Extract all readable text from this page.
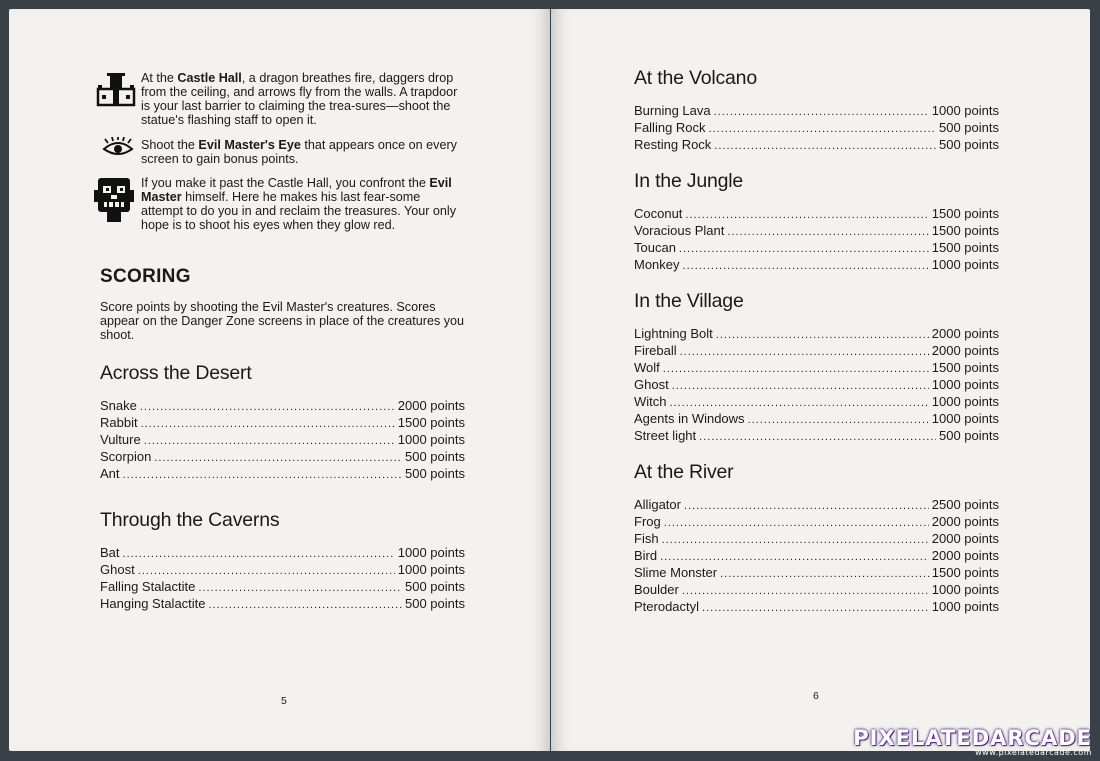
At the Castle Hall, a dragon breathes fire, daggers drop from the ceiling, and arrows fly from the walls. A trapdoor is your last barrier to claiming the trea-sures—shoot the statue's flashing staff to open it.

Shoot the Evil Master's Eye that appears once on every screen to gain bonus points.

If you make it past the Castle Hall, you confront the Evil Master himself. Here he makes his last fear-some attempt to do you in and reclaim the treasures. Your only hope is to shoot his eyes when they glow red.

SCORING

Score points by shooting the Evil Master's creatures. Scores appear on the Danger Zone screens in place of the creatures you shoot.

Across the Desert
Snake .....	2000 points
Rabbit .....	1500 points
Vulture .....	1000 points
Scorpion .....	500 points
Ant .....	500 points
Through the Caverns
Bat .....	1000 points
Ghost .....	1000 points
Falling Stalactite .....	500 points
Hanging Stalactite .....	500 points
5
At the Volcano
Burning Lava .....	1000 points
Falling Rock .....	500 points
Resting Rock .....	500 points
In the Jungle
Coconut .....	1500 points
Voracious Plant .....	1500 points
Toucan .....	1500 points
Monkey .....	1000 points
In the Village
Lightning Bolt .....	2000 points
Fireball .....	2000 points
Wolf .....	1500 points
Ghost .....	1000 points
Witch .....	1000 points
Agents in Windows .....	1000 points
Street light .....	500 points
At the River
Alligator .....	2500 points
Frog .....	2000 points
Fish .....	2000 points
Bird .....	2000 points
Slime Monster .....	1500 points
Boulder .....	1000 points
Pterodactyl .....	1000 points
6
PIXELATEDARCADE
www.pixelatedarcade.com
